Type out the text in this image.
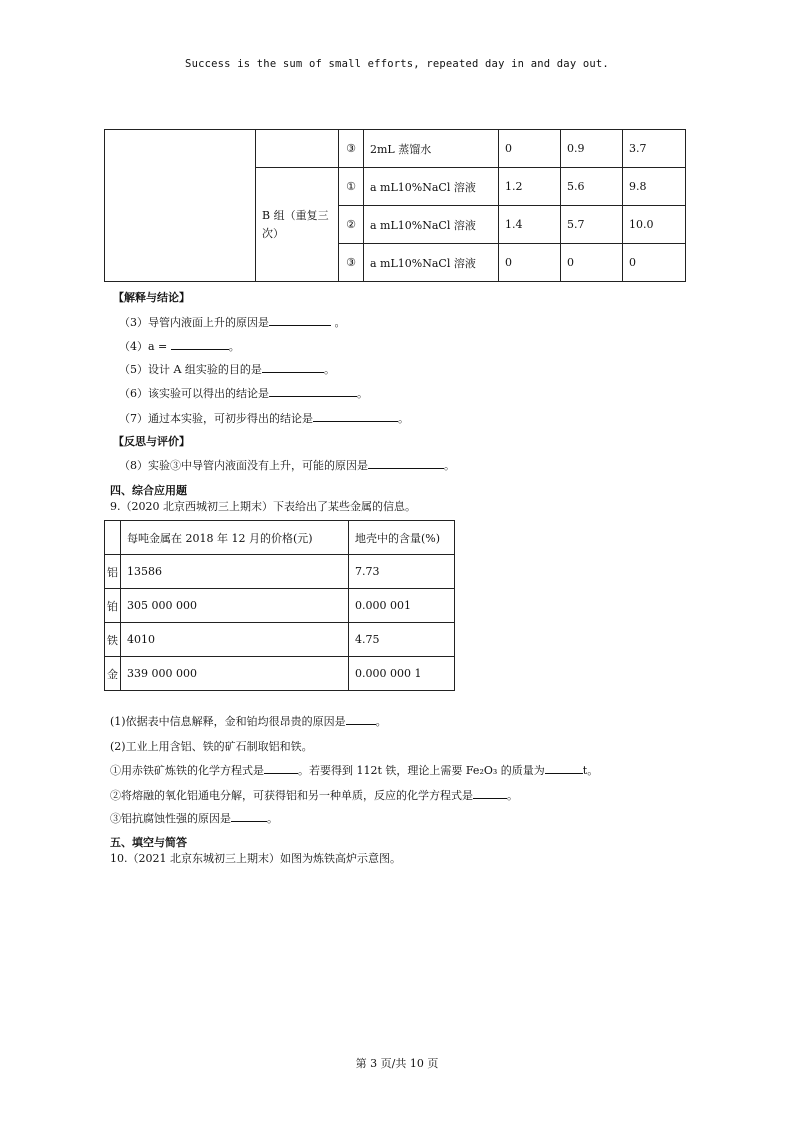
Success is the sum of small efforts, repeated day in and day out.
		③	2mL 蒸馏水	0	0.9	3.7
	B 组（重复三次）	①	a mL10%NaCl 溶液	1.2	5.6	9.8
		②	a mL10%NaCl 溶液	1.4	5.7	10.0
		③	a mL10%NaCl 溶液	0	0	0
【解释与结论】
（3）导管内液面上升的原因是	。
（4）a =	。
（5）设计 A 组实验的目的是	。
（6）该实验可以得出的结论是	。
（7）通过本实验，可初步得出的结论是	。
【反思与评价】
（8）实验③中导管内液面没有上升，可能的原因是	。
四、综合应用题
9.（2020 北京西城初三上期末）下表给出了某些金属的信息。
	每吨金属在 2018 年 12 月的价格(元)	地壳中的含量(%)
铝	13586	7.73
铂	305 000 000	0.000 001
铁	4010	4.75
金	339 000 000	0.000 000 1
(1)依据表中信息解释，金和铂均很昂贵的原因是	。
(2)工业上用含铝、铁的矿石制取铝和铁。
①用赤铁矿炼铁的化学方程式是	。若要得到 112t 铁，理论上需要 Fe₂O₃ 的质量为	t。
②将熔融的氧化铝通电分解，可获得铝和另一种单质，反应的化学方程式是	。
③铝抗腐蚀性强的原因是	。
五、填空与简答
10.（2021 北京东城初三上期末）如图为炼铁高炉示意图。
第 3 页/共 10 页
